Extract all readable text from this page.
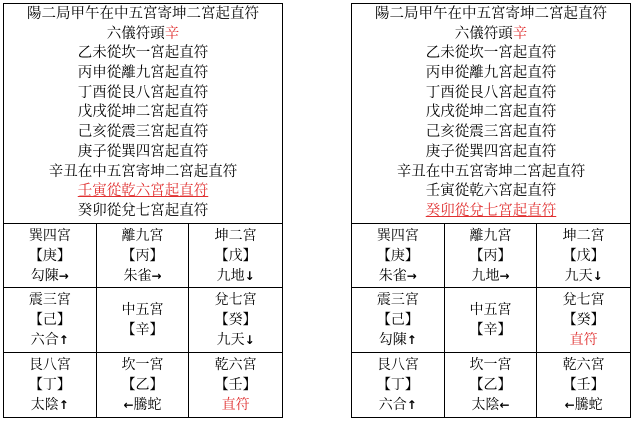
陽二局甲午在中五宮寄坤二宮起直符
六儀符頭辛
乙未從坎一宮起直符
丙申從離九宮起直符
丁酉從艮八宮起直符
戊戌從坤二宮起直符
己亥從震三宮起直符
庚子從巽四宮起直符
辛丑在中五宮寄坤二宮起直符
壬寅從乾六宮起直符
癸卯從兌七宮起直符
巽四宮
【庚】
勾陳→
離九宮
【丙】
朱雀→
坤二宮
【戊】
九地↓
震三宮
【己】
六合↑
中五宮
【辛】
兌七宮
【癸】
九天↓
艮八宮
【丁】
太陰↑
坎一宮
【乙】
←騰蛇
乾六宮
【壬】
直符
陽二局甲午在中五宮寄坤二宮起直符
六儀符頭辛
乙未從坎一宮起直符
丙申從離九宮起直符
丁酉從艮八宮起直符
戊戌從坤二宮起直符
己亥從震三宮起直符
庚子從巽四宮起直符
辛丑在中五宮寄坤二宮起直符
壬寅從乾六宮起直符
癸卯從兌七宮起直符
巽四宮
【庚】
朱雀→
離九宮
【丙】
九地→
坤二宮
【戊】
九天↓
震三宮
【己】
勾陳↑
中五宮
【辛】
兌七宮
【癸】
直符
艮八宮
【丁】
六合↑
坎一宮
【乙】
太陰←
乾六宮
【壬】
←騰蛇
